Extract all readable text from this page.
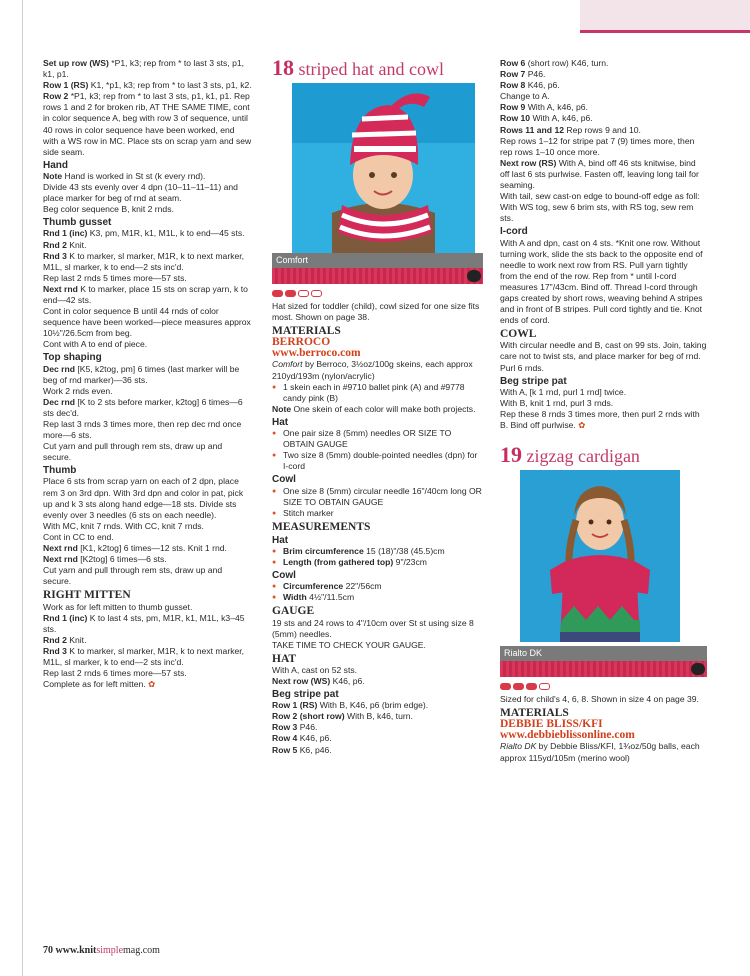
Set up row (WS) *P1, k3; rep from * to last 3 sts, p1, k1, p1.

Row 1 (RS) K1, *p1, k3; rep from * to last 3 sts, p1, k2.

Row 2 *P1, k3; rep from * to last 3 sts, p1, k1, p1. Rep rows 1 and 2 for broken rib, AT THE SAME TIME, cont in color sequence A, beg with row 3 of sequence, until 40 rows in color sequence have been worked, end with a WS row in MC. Place sts on scrap yarn and sew side seam.

Hand

Note Hand is worked in St st (k every rnd).

Divide 43 sts evenly over 4 dpn (10–11–11–11) and place marker for beg of rnd at seam.

Beg color sequence B, knit 2 rnds.

Thumb gusset

Rnd 1 (inc) K3, pm, M1R, k1, M1L, k to end—45 sts.

Rnd 2 Knit.

Rnd 3 K to marker, sl marker, M1R, k to next marker, M1L, sl marker, k to end—2 sts inc'd.

Rep last 2 rnds 5 times more—57 sts.

Next rnd K to marker, place 15 sts on scrap yarn, k to end—42 sts.

Cont in color sequence B until 44 rnds of color sequence have been worked—piece measures approx 10½"/26.5cm from beg.

Cont with A to end of piece.

Top shaping

Dec rnd [K5, k2tog, pm] 6 times (last marker will be beg of rnd marker)—36 sts.

Work 2 rnds even.

Dec rnd [K to 2 sts before marker, k2tog] 6 times—6 sts dec'd.

Rep last 3 rnds 3 times more, then rep dec rnd once more—6 sts.

Cut yarn and pull through rem sts, draw up and secure.

Thumb

Place 6 sts from scrap yarn on each of 2 dpn, place rem 3 on 3rd dpn. With 3rd dpn and color in pat, pick up and k 3 sts along hand edge—18 sts. Divide sts evenly over 3 needles (6 sts on each needle).

With MC, knit 7 rnds. With CC, knit 7 rnds.

Cont in CC to end.

Next rnd [K1, k2tog] 6 times—12 sts. Knit 1 rnd.

Next rnd [K2tog] 6 times—6 sts.

Cut yarn and pull through rem sts, draw up and secure.

RIGHT MITTEN

Work as for left mitten to thumb gusset.

Rnd 1 (inc) K to last 4 sts, pm, M1R, k1, M1L, k3–45 sts.

Rnd 2 Knit.

Rnd 3 K to marker, sl marker, M1R, k to next marker, M1L, sl marker, k to end—2 sts inc'd.

Rep last 2 rnds 6 times more—57 sts.

Complete as for left mitten. ✿

18 striped hat and cowl
Comfort

Hat sized for toddler (child), cowl sized for one size fits most. Shown on page 38.

MATERIALS
BERROCO
www.berroco.com

Comfort by Berroco, 3½oz/100g skeins, each approx 210yd/193m (nylon/acrylic)

● 1 skein each in #9710 ballet pink (A) and #9778 candy pink (B)

Note One skein of each color will make both projects.

Hat
● One pair size 8 (5mm) needles OR SIZE TO OBTAIN GAUGE
● Two size 8 (5mm) double-pointed needles (dpn) for I-cord
Cowl
● One size 8 (5mm) circular needle 16"/40cm long OR SIZE TO OBTAIN GAUGE
● Stitch marker
MEASUREMENTS
Hat
● Brim circumference 15 (18)"/38 (45.5)cm
● Length (from gathered top) 9"/23cm
Cowl
● Circumference 22"/56cm
● Width 4½"/11.5cm
GAUGE

19 sts and 24 rows to 4"/10cm over St st using size 8 (5mm) needles.

TAKE TIME TO CHECK YOUR GAUGE.

HAT

With A, cast on 52 sts.

Next row (WS) K46, p6.

Beg stripe pat

Row 1 (RS) With B, K46, p6 (brim edge).

Row 2 (short row) With B, k46, turn.

Row 3 P46.

Row 4 K46, p6.

Row 5 K6, p46.

Row 6 (short row) K46, turn.

Row 7 P46.

Row 8 K46, p6.

Change to A.

Row 9 With A, k46, p6.

Row 10 With A, k46, p6.

Rows 11 and 12 Rep rows 9 and 10.

Rep rows 1–12 for stripe pat 7 (9) times more, then rep rows 1–10 once more.

Next row (RS) With A, bind off 46 sts knitwise, bind off last 6 sts purlwise. Fasten off, leaving long tail for seaming.

With tail, sew cast-on edge to bound-off edge as foll: With WS tog, sew 6 brim sts, with RS tog, sew rem sts.

I-cord

With A and dpn, cast on 4 sts. *Knit one row. Without turning work, slide the sts back to the opposite end of needle to work next row from RS. Pull yarn tightly from the end of the row. Rep from * until I-cord measures 17"/43cm. Bind off. Thread I-cord through gaps created by short rows, weaving behind A stripes and in front of B stripes. Pull cord tightly and tie. Knot ends of cord.

COWL

With circular needle and B, cast on 99 sts. Join, taking care not to twist sts, and place marker for beg of rnd. Purl 6 rnds.

Beg stripe pat

With A, [k 1 rnd, purl 1 rnd] twice.

With B, knit 1 rnd, purl 3 rnds.

Rep these 8 rnds 3 times more, then purl 2 rnds with B. Bind off purlwise. ✿

19 zigzag cardigan
Rialto DK

Sized for child's 4, 6, 8. Shown in size 4 on page 39.

MATERIALS
DEBBIE BLISS/KFI
www.debbieblissonline.com

Rialto DK by Debbie Bliss/KFI, 1¾oz/50g balls, each approx 115yd/105m (merino wool)

70 www.knitsimplemag.com
